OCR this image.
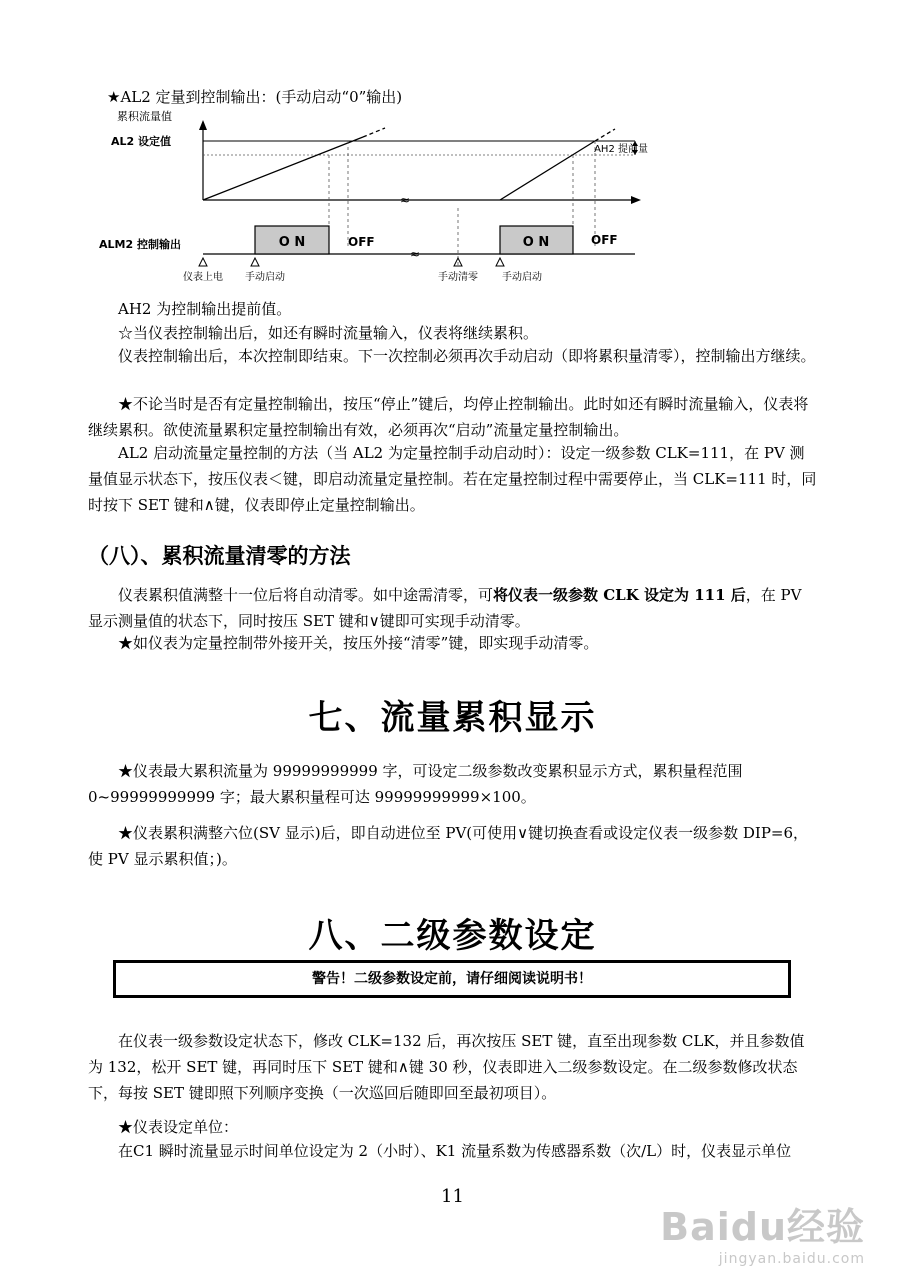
★AL2 定量到控制输出：(手动启动“0”输出)
≈
≈
累积流量值
AL2 设定值
AH2 提前量
ALM2 控制输出	O N	O N
OFF	OFF
仪表上电 手动启动	手动清零 手动启动
AH2 为控制输出提前值。
☆当仪表控制输出后，如还有瞬时流量输入，仪表将继续累积。
仪表控制输出后，本次控制即结束。下一次控制必须再次手动启动（即将累积量清零），控制输出方继续。
★不论当时是否有定量控制输出，按压“停止”键后，均停止控制输出。此时如还有瞬时流量输入，仪表将继续累积。欲使流量累积定量控制输出有效，必须再次“启动”流量定量控制输出。
AL2 启动流量定量控制的方法（当 AL2 为定量控制手动启动时）：设定一级参数 CLK=111，在 PV 测量值显示状态下，按压仪表＜键，即启动流量定量控制。若在定量控制过程中需要停止，当 CLK=111 时，同时按下 SET 键和∧键，仪表即停止定量控制输出。
（八）、累积流量清零的方法
仪表累积值满整十一位后将自动清零。如中途需清零，可将仪表一级参数 CLK 设定为 111 后，在 PV 显示测量值的状态下，同时按压 SET 键和∨键即可实现手动清零。
★如仪表为定量控制带外接开关，按压外接“清零”键，即实现手动清零。
七、流量累积显示
★仪表最大累积流量为 99999999999 字，可设定二级参数改变累积显示方式，累积量程范围 0~99999999999 字；最大累积量程可达 99999999999×100。
★仪表累积满整六位(SV 显示)后，即自动进位至 PV(可使用∨键切换查看或设定仪表一级参数 DIP=6，使 PV 显示累积值；)。
八、二级参数设定
警告！二级参数设定前，请仔细阅读说明书！
在仪表一级参数设定状态下，修改 CLK=132 后，再次按压 SET 键，直至出现参数 CLK，并且参数值为 132，松开 SET 键，再同时压下 SET 键和∧键 30 秒，仪表即进入二级参数设定。在二级参数修改状态下，每按 SET 键即照下列顺序变换（一次巡回后随即回至最初项目）。
★仪表设定单位：
在C1 瞬时流量显示时间单位设定为 2（小时）、K1 流量系数为传感器系数（次/L）时，仪表显示单位
11
Baidu经验
jingyan.baidu.com
